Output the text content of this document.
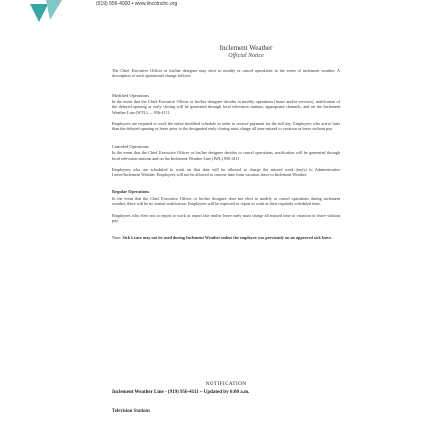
(919) 956-4000 • www.lincolnchc.org
Inclement Weather
Official Notice

The Chief Executive Officer or his/her designee may elect to modify or cancel operations in the event of inclement weather. A description of each operational change follows:

Modified Operations

In the event that the Chief Executive Officer or his/her designee decides to modify operations (hours and/or services), notification of the delayed opening or early closing will be generated through local television stations, appropriate channels, and on the Inclement Weather Line (WTL) — 956-4111.

Employees are required to work the entire modified schedule in order to receive payment for the full day. Employees who arrive later than the delayed opening or leave prior to the designated early closing must charge all time missed to vacation or leave without pay.

Canceled Operations

In the event that the Chief Executive Officer or his/her designee decides to cancel operations, notification will be generated through local television stations and on the Inclement Weather Line (IWL) 956-4111.

Employees who are scheduled to work on that date will be allowed to charge the missed work day(s) to Administrative Leave/Inclement Weather. Employees will not be allowed to convert time from vacation leave to Inclement Weather.

Regular Operations

In the event that the Chief Executive Officer or his/her designee does not elect to modify or cancel operations during inclement weather, there will be no formal notification. Employees will be expected to report to work at their regularly scheduled time.

Employees who elect not to report to work or report late and/or leave early must charge all missed time to vacation or leave without pay.

Note: Sick Leave may not be used during Inclement Weather unless the employee was previously on an approved sick leave.

NOTIFICATION
Inclement Weather Line - (919) 956-4111 ~ Updated by 6:00 a.m.
Television Stations
